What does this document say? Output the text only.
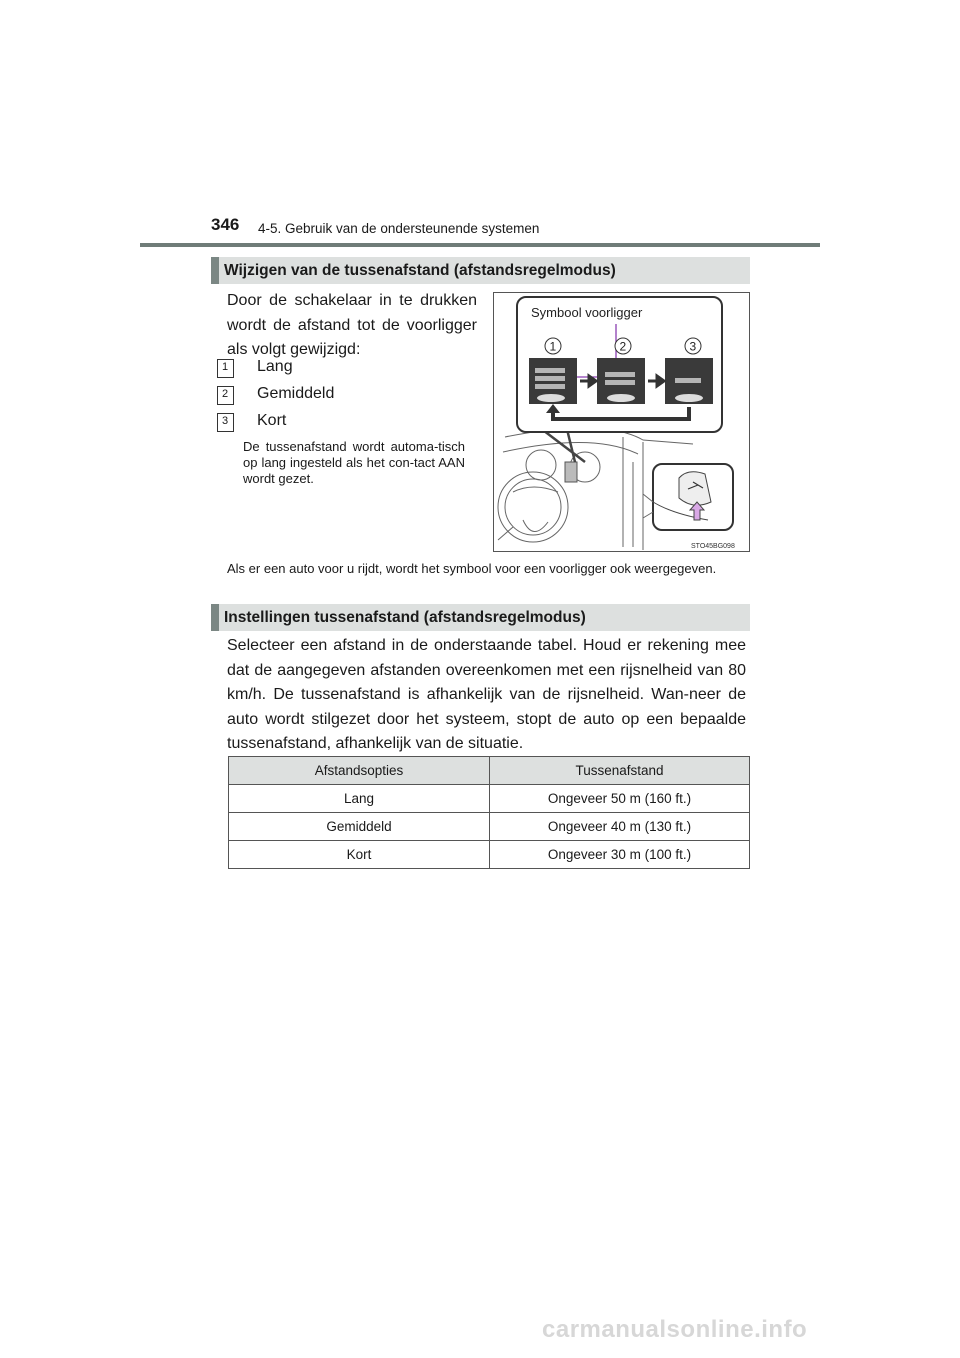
346 4-5. Gebruik van de ondersteunende systemen
Wijzigen van de tussenafstand (afstandsregelmodus)
Door de schakelaar in te drukken wordt de afstand tot de voorligger als volgt gewijzigd:
1 Lang
2 Gemiddeld
3 Kort
De tussenafstand wordt automa-tisch op lang ingesteld als het con-tact AAN wordt gezet.
Symbool voorligger
1	2	3
STO45BG098
Als er een auto voor u rijdt, wordt het symbool voor een voorligger ook weergegeven.
Instellingen tussenafstand (afstandsregelmodus)
Selecteer een afstand in de onderstaande tabel. Houd er rekening mee dat de aangegeven afstanden overeenkomen met een rijsnelheid van 80 km/h. De tussenafstand is afhankelijk van de rijsnelheid. Wan-neer de auto wordt stilgezet door het systeem, stopt de auto op een bepaalde tussenafstand, afhankelijk van de situatie.
Afstandsopties	Tussenafstand
Lang	Ongeveer 50 m (160 ft.)
Gemiddeld	Ongeveer 40 m (130 ft.)
Kort	Ongeveer 30 m (100 ft.)
carmanualsonline.info
